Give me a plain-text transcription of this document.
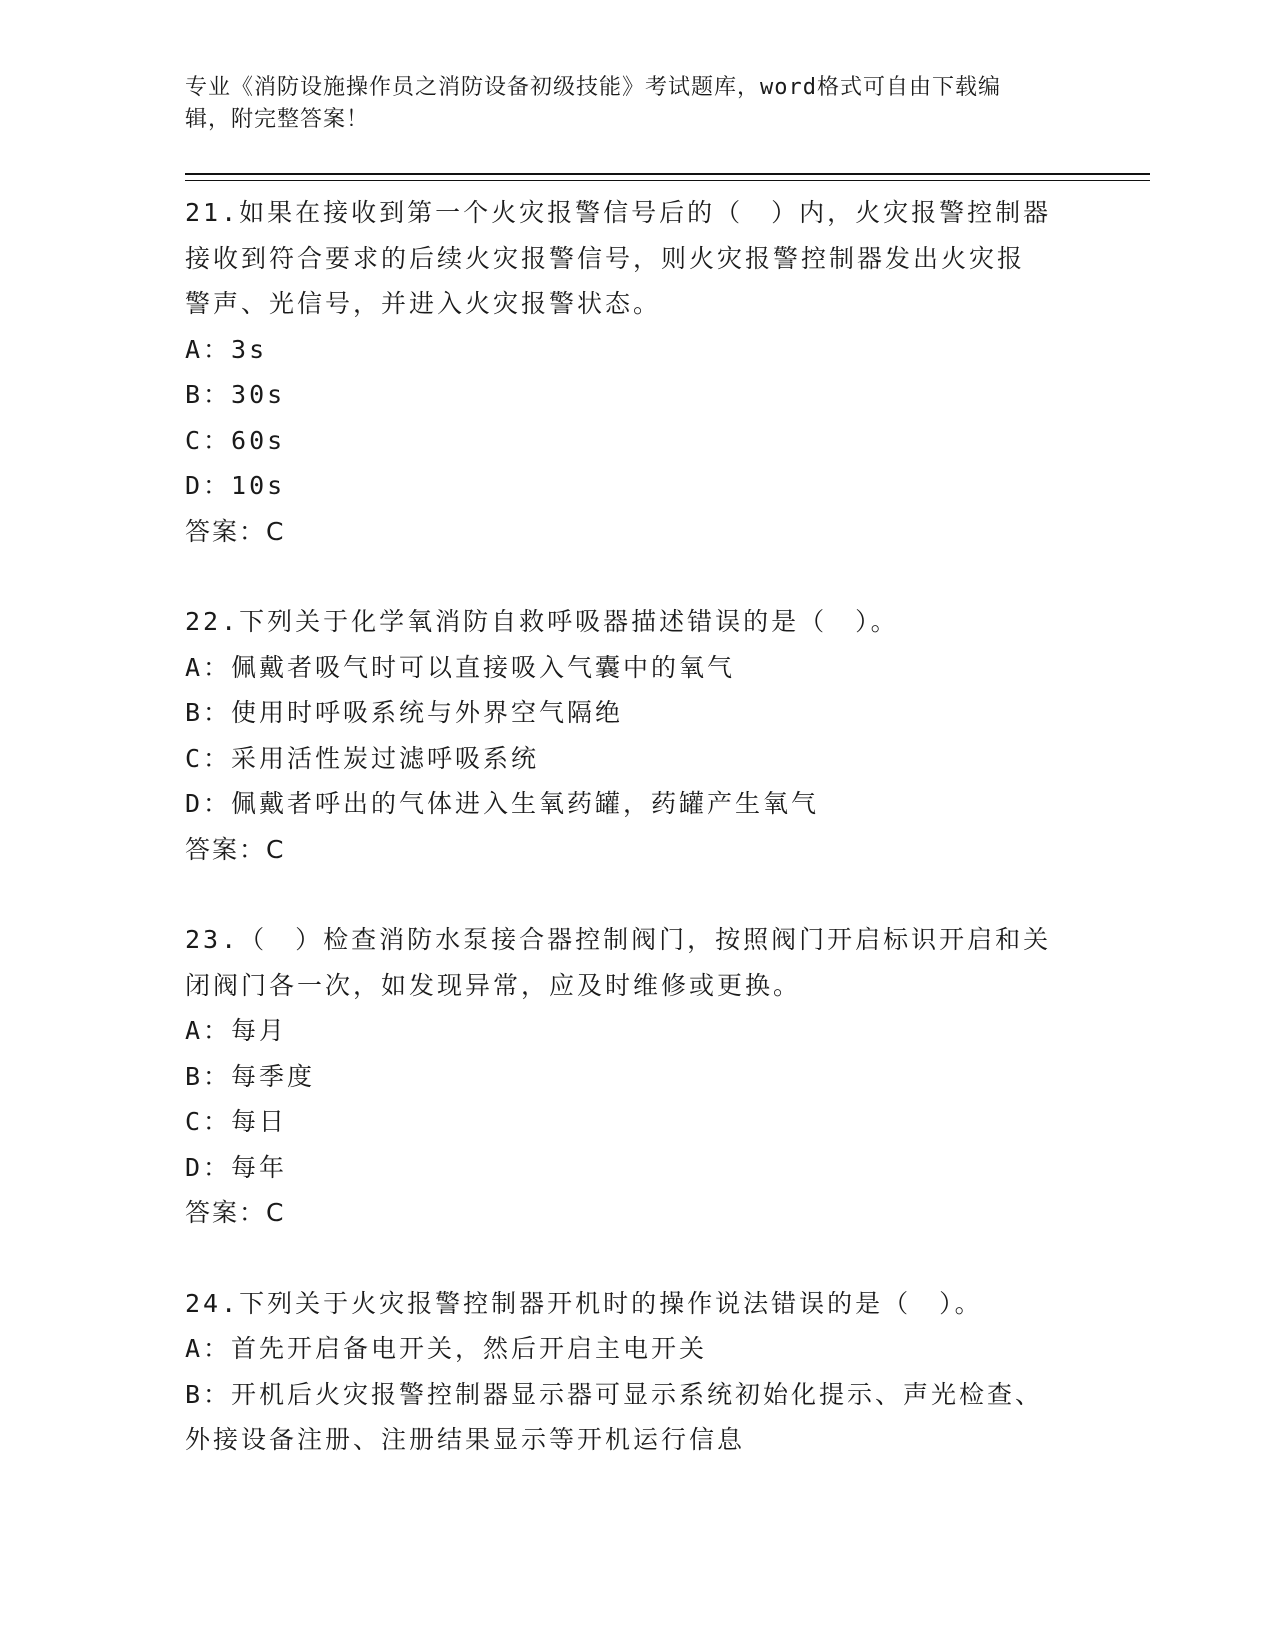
专业《消防设施操作员之消防设备初级技能》考试题库，word格式可自由下载编
辑，附完整答案！

21.如果在接收到第一个火灾报警信号后的（　）内，火灾报警控制器

接收到符合要求的后续火灾报警信号，则火灾报警控制器发出火灾报

警声、光信号，并进入火灾报警状态。

A：3s

B：30s

C：60s

D：10s

答案：C

22.下列关于化学氧消防自救呼吸器描述错误的是（　）。

A：佩戴者吸气时可以直接吸入气囊中的氧气

B：使用时呼吸系统与外界空气隔绝

C：采用活性炭过滤呼吸系统

D：佩戴者呼出的气体进入生氧药罐，药罐产生氧气

答案：C

23.（　）检查消防水泵接合器控制阀门，按照阀门开启标识开启和关

闭阀门各一次，如发现异常，应及时维修或更换。

A：每月

B：每季度

C：每日

D：每年

答案：C

24.下列关于火灾报警控制器开机时的操作说法错误的是（　）。

A：首先开启备电开关，然后开启主电开关

B：开机后火灾报警控制器显示器可显示系统初始化提示、声光检查、

外接设备注册、注册结果显示等开机运行信息
